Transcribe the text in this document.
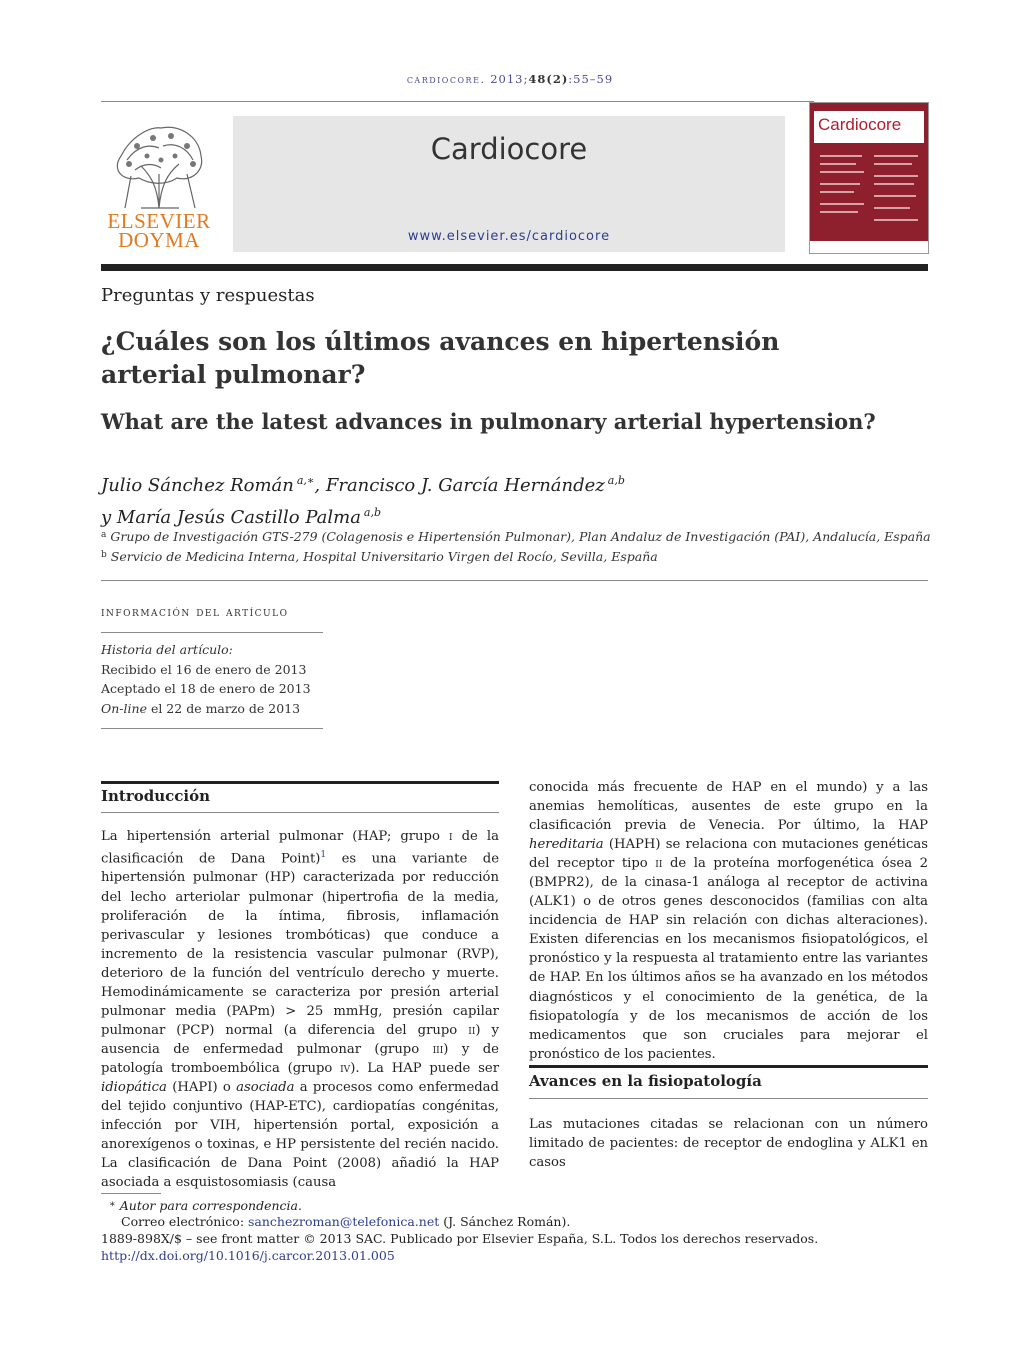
cardiocore. 2013;48(2):55–59
ELSEVIER
DOYMA
Cardiocore
www.elsevier.es/cardiocore
Cardiocore
Preguntas y respuestas
¿Cuáles son los últimos avances en hipertensión arterial pulmonar?
What are the latest advances in pulmonary arterial hypertension?
Julio Sánchez Román $^{a,∗}$, Francisco J. García Hernández $^{a,b}$
y María Jesús Castillo Palma $^{a,b}$
$^a$ Grupo de Investigación GTS-279 (Colagenosis e Hipertensión Pulmonar), Plan Andaluz de Investigación (PAI), Andalucía, España
$^b$ Servicio de Medicina Interna, Hospital Universitario Virgen del Rocío, Sevilla, España
información del artículo
Historia del artículo:
Recibido el 16 de enero de 2013
Aceptado el 18 de enero de 2013
On-line el 22 de marzo de 2013
Introducción

La hipertensión arterial pulmonar (HAP; grupo i de la clasificación de Dana Point)$^1$ es una variante de hipertensión pulmonar (HP) caracterizada por reducción del lecho arteriolar pulmonar (hipertrofia de la media, proliferación de la íntima, fibrosis, inflamación perivascular y lesiones trombóticas) que conduce a incremento de la resistencia vascular pulmonar (RVP), deterioro de la función del ventrículo derecho y muerte. Hemodinámicamente se caracteriza por presión arterial pulmonar media (PAPm) > 25 mmHg, presión capilar pulmonar (PCP) normal (a diferencia del grupo ii) y ausencia de enfermedad pulmonar (grupo iii) y de patología tromboembólica (grupo iv). La HAP puede ser idiopática (HAPI) o asociada a procesos como enfermedad del tejido conjuntivo (HAP-ETC), cardiopatías congénitas, infección por VIH, hipertensión portal, exposición a anorexígenos o toxinas, e HP persistente del recién nacido. La clasificación de Dana Point (2008) añadió la HAP asociada a esquistosomiasis (causa

conocida más frecuente de HAP en el mundo) y a las anemias hemolíticas, ausentes de este grupo en la clasificación previa de Venecia. Por último, la HAP hereditaria (HAPH) se relaciona con mutaciones genéticas del receptor tipo ii de la proteína morfogenética ósea 2 (BMPR2), de la cinasa-1 análoga al receptor de activina (ALK1) o de otros genes desconocidos (familias con alta incidencia de HAP sin relación con dichas alteraciones). Existen diferencias en los mecanismos fisiopatológicos, el pronóstico y la respuesta al tratamiento entre las variantes de HAP. En los últimos años se ha avanzado en los métodos diagnósticos y el conocimiento de la genética, de la fisiopatología y de los mecanismos de acción de los medicamentos que son cruciales para mejorar el pronóstico de los pacientes.

Avances en la fisiopatología

Las mutaciones citadas se relacionan con un número limitado de pacientes: de receptor de endoglina y ALK1 en casos

∗ Autor para correspondencia.
Correo electrónico: sanchezroman@telefonica.net (J. Sánchez Román).
1889-898X/$ – see front matter © 2013 SAC. Publicado por Elsevier España, S.L. Todos los derechos reservados.
http://dx.doi.org/10.1016/j.carcor.2013.01.005
